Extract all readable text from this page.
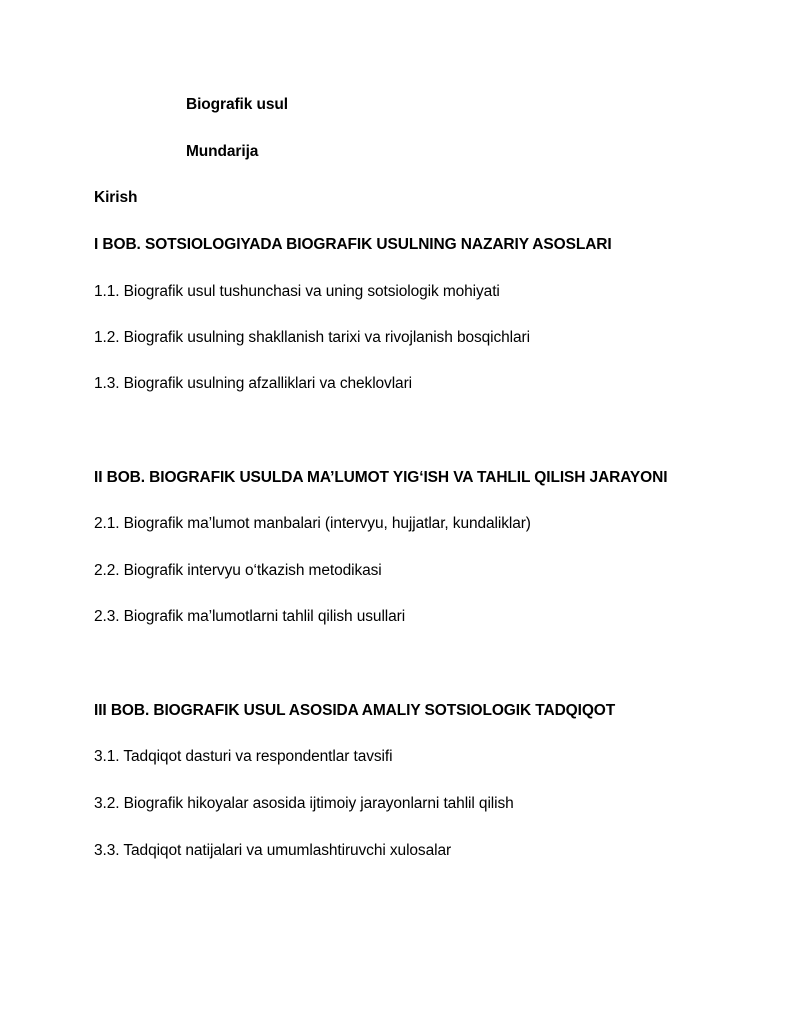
Biografik usul
Mundarija
Kirish
I BOB. SOTSIOLOGIYADA BIOGRAFIK USULNING NAZARIY ASOSLARI
1.1. Biografik usul tushunchasi va uning sotsiologik mohiyati
1.2. Biografik usulning shakllanish tarixi va rivojlanish bosqichlari
1.3. Biografik usulning afzalliklari va cheklovlari
II BOB. BIOGRAFIK USULDA MA’LUMOT YIG‘ISH VA TAHLIL QILISH JARAYONI
2.1. Biografik ma’lumot manbalari (intervyu, hujjatlar, kundaliklar)
2.2. Biografik intervyu o‘tkazish metodikasi
2.3. Biografik ma’lumotlarni tahlil qilish usullari
III BOB. BIOGRAFIK USUL ASOSIDA AMALIY SOTSIOLOGIK TADQIQOT
3.1. Tadqiqot dasturi va respondentlar tavsifi
3.2. Biografik hikoyalar asosida ijtimoiy jarayonlarni tahlil qilish
3.3. Tadqiqot natijalari va umumlashtiruvchi xulosalar
